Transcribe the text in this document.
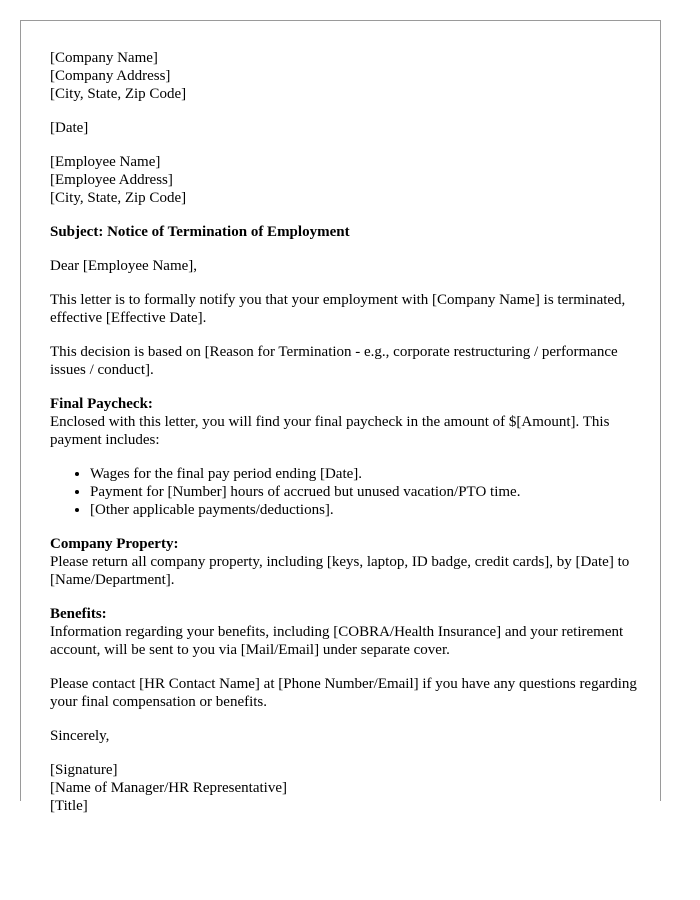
[Company Name]
[Company Address]
[City, State, Zip Code]
[Date]
[Employee Name]
[Employee Address]
[City, State, Zip Code]
Subject: Notice of Termination of Employment
Dear [Employee Name],
This letter is to formally notify you that your employment with [Company Name] is terminated, effective [Effective Date].
This decision is based on [Reason for Termination - e.g., corporate restructuring / performance issues / conduct].
Final Paycheck:
Enclosed with this letter, you will find your final paycheck in the amount of $[Amount]. This payment includes:
• Wages for the final pay period ending [Date].
• Payment for [Number] hours of accrued but unused vacation/PTO time.
• [Other applicable payments/deductions].
Company Property:
Please return all company property, including [keys, laptop, ID badge, credit cards], by [Date] to [Name/Department].
Benefits:
Information regarding your benefits, including [COBRA/Health Insurance] and your retirement account, will be sent to you via [Mail/Email] under separate cover.
Please contact [HR Contact Name] at [Phone Number/Email] if you have any questions regarding your final compensation or benefits.
Sincerely,
[Signature]
[Name of Manager/HR Representative]
[Title]
